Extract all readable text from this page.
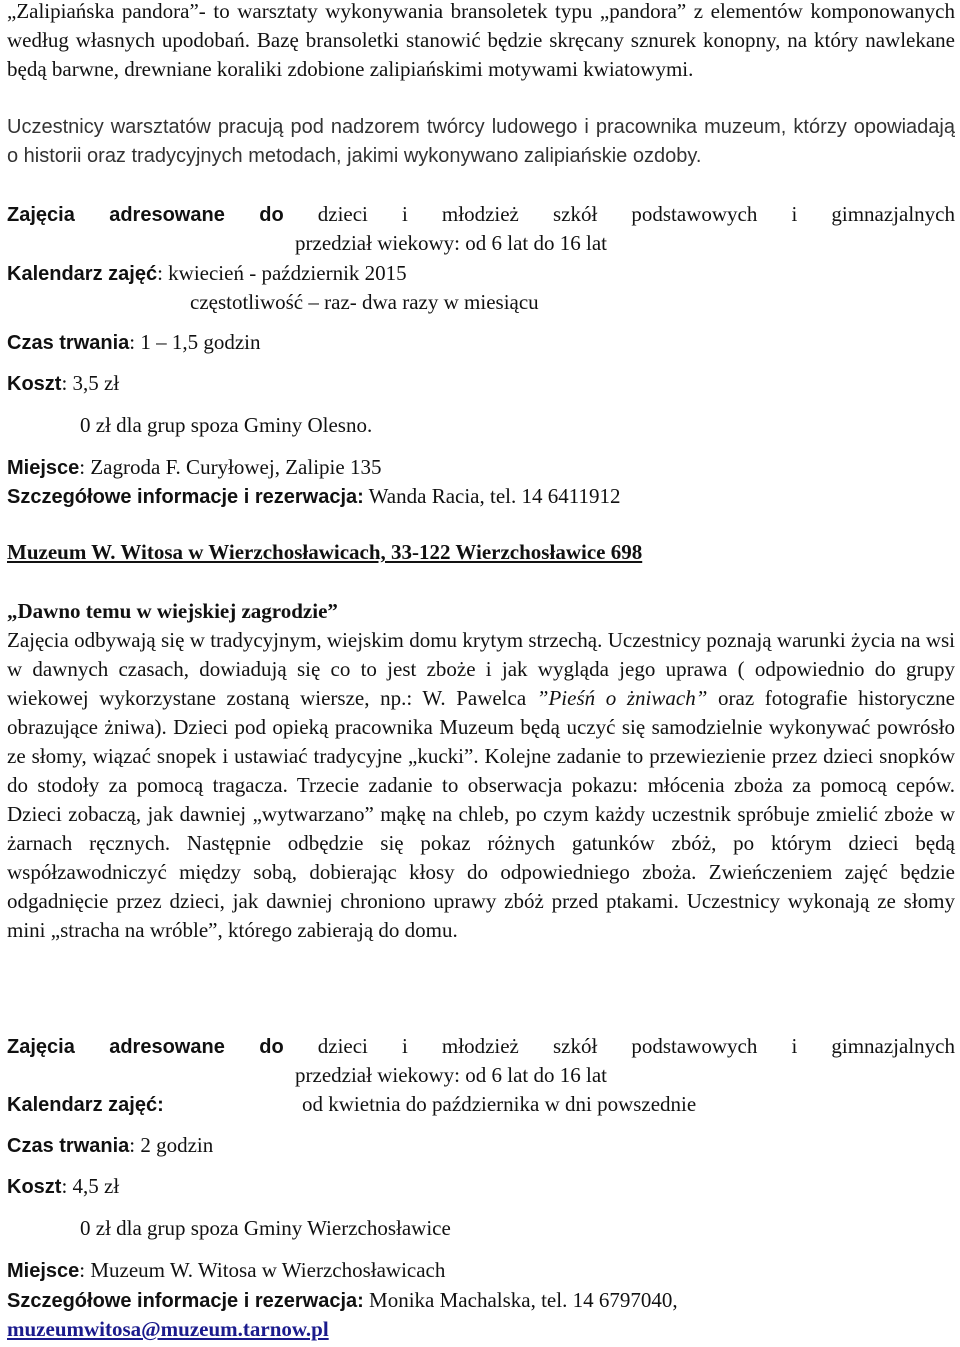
„Zalipiańska pandora”- to warsztaty wykonywania bransoletek typu „pandora” z elementów komponowanych według własnych upodobań. Bazę bransoletki stanowić będzie skręcany sznurek konopny, na który nawlekane będą barwne, drewniane koraliki zdobione zalipiańskimi motywami kwiatowymi.

Uczestnicy warsztatów pracują pod nadzorem twórcy ludowego i pracownika muzeum, którzy opowiadają o historii oraz tradycyjnych metodach, jakimi wykonywano zalipiańskie ozdoby.

Zajęcia adresowane do dzieci i młodzież szkół podstawowych i gimnazjalnych
przedział wiekowy: od 6 lat do 16 lat
Kalendarz zajęć: kwiecień - październik 2015
częstotliwość – raz- dwa razy w miesiącu
Czas trwania: 1 – 1,5 godzin
Koszt: 3,5 zł
0 zł dla grup spoza Gminy Olesno.
Miejsce: Zagroda F. Curyłowej, Zalipie 135
Szczegółowe informacje i rezerwacja: Wanda Racia, tel. 14 6411912
Muzeum W. Witosa w Wierzchosławicach, 33-122 Wierzchosławice 698
„Dawno temu w wiejskiej zagrodzie”

Zajęcia odbywają się w tradycyjnym, wiejskim domu krytym strzechą. Uczestnicy poznają warunki życia na wsi w dawnych czasach, dowiadują się co to jest zboże i jak wygląda jego uprawa ( odpowiednio do grupy wiekowej wykorzystane zostaną wiersze, np.: W. Pawelca ”Pieśń o żniwach” oraz fotografie historyczne obrazujące żniwa). Dzieci pod opieką pracownika Muzeum będą uczyć się samodzielnie wykonywać powrósło ze słomy, wiązać snopek i ustawiać tradycyjne „kucki”. Kolejne zadanie to przewiezienie przez dzieci snopków do stodoły za pomocą tragacza. Trzecie zadanie to obserwacja pokazu: młócenia zboża za pomocą cepów. Dzieci zobaczą, jak dawniej „wytwarzano” mąkę na chleb, po czym każdy uczestnik spróbuje zmielić zboże w żarnach ręcznych. Następnie odbędzie się pokaz różnych gatunków zbóż, po którym dzieci będą współzawodniczyć między sobą, dobierając kłosy do odpowiedniego zboża. Zwieńczeniem zajęć będzie odgadnięcie przez dzieci, jak dawniej chroniono uprawy zbóż przed ptakami. Uczestnicy wykonają ze słomy mini „stracha na wróble”, którego zabierają do domu.

Zajęcia adresowane do dzieci i młodzież szkół podstawowych i gimnazjalnych
przedział wiekowy: od 6 lat do 16 lat
Kalendarz zajęć:	od kwietnia do października w dni powszednie
Czas trwania: 2 godzin
Koszt: 4,5 zł
0 zł dla grup spoza Gminy Wierzchosławice
Miejsce: Muzeum W. Witosa w Wierzchosławicach
Szczegółowe informacje i rezerwacja: Monika Machalska, tel. 14 6797040,
muzeumwitosa@muzeum.tarnow.pl
